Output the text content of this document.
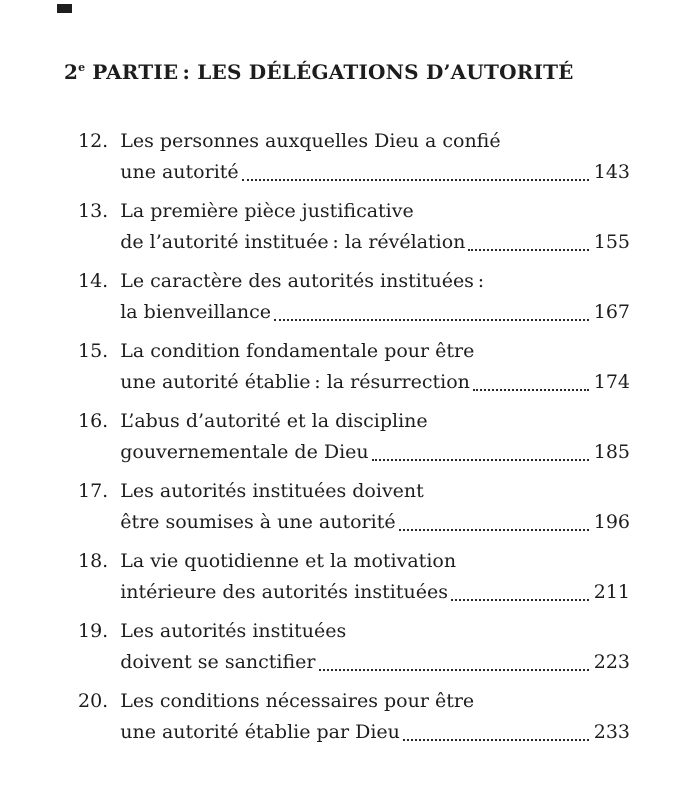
2e PARTIE : LES DÉLÉGATIONS D’AUTORITÉ
12. Les personnes auxquelles Dieu a confié
une autorité	143
13. La première pièce justificative
de l’autorité instituée : la révélation	155
14. Le caractère des autorités instituées :
la bienveillance	167
15. La condition fondamentale pour être
une autorité établie : la résurrection	174
16. L’abus d’autorité et la discipline
gouvernementale de Dieu	185
17. Les autorités instituées doivent
être soumises à une autorité	196
18. La vie quotidienne et la motivation
intérieure des autorités instituées	211
19. Les autorités instituées
doivent se sanctifier	223
20. Les conditions nécessaires pour être
une autorité établie par Dieu	233
